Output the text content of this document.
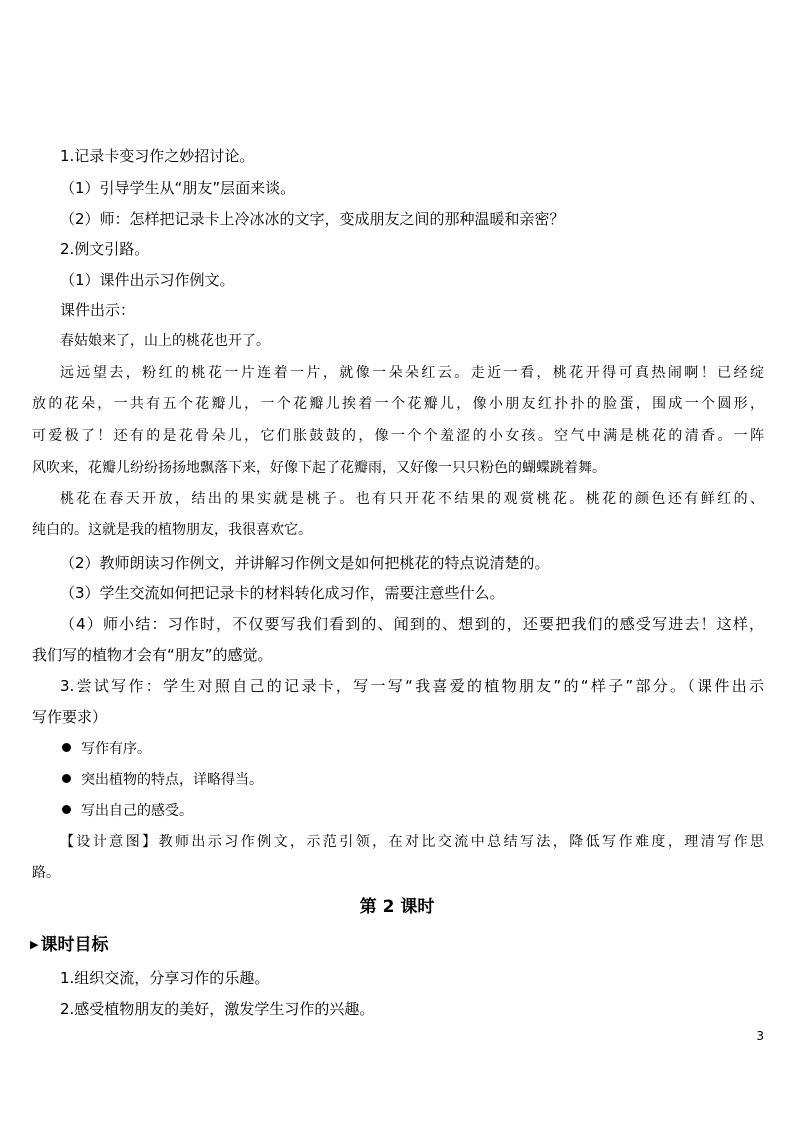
1.记录卡变习作之妙招讨论。
（1）引导学生从“朋友”层面来谈。
（2）师：怎样把记录卡上冷冰冰的文字，变成朋友之间的那种温暖和亲密？
2.例文引路。
（1）课件出示习作例文。
课件出示：
春姑娘来了，山上的桃花也开了。
远远望去，粉红的桃花一片连着一片，就像一朵朵红云。走近一看，桃花开得可真热闹啊！已经绽
放的花朵，一共有五个花瓣儿，一个花瓣儿挨着一个花瓣儿，像小朋友红扑扑的脸蛋，围成一个圆形，
可爱极了！还有的是花骨朵儿，它们胀鼓鼓的，像一个个羞涩的小女孩。空气中满是桃花的清香。一阵
风吹来，花瓣儿纷纷扬扬地飘落下来，好像下起了花瓣雨，又好像一只只粉色的蝴蝶跳着舞。
桃花在春天开放，结出的果实就是桃子。也有只开花不结果的观赏桃花。桃花的颜色还有鲜红的、
纯白的。这就是我的植物朋友，我很喜欢它。
（2）教师朗读习作例文，并讲解习作例文是如何把桃花的特点说清楚的。
（3）学生交流如何把记录卡的材料转化成习作，需要注意些什么。
（4）师小结：习作时，不仅要写我们看到的、闻到的、想到的，还要把我们的感受写进去！这样，
我们写的植物才会有“朋友”的感觉。
3.尝试写作：学生对照自己的记录卡，写一写“我喜爱的植物朋友”的“样子”部分。（课件出示
写作要求）
写作有序。
突出植物的特点，详略得当。
写出自己的感受。
【设计意图】教师出示习作例文，示范引领，在对比交流中总结写法，降低写作难度，理清写作思
路。
第 2 课时
▶ 课时目标
1.组织交流，分享习作的乐趣。
2.感受植物朋友的美好，激发学生习作的兴趣。
3
